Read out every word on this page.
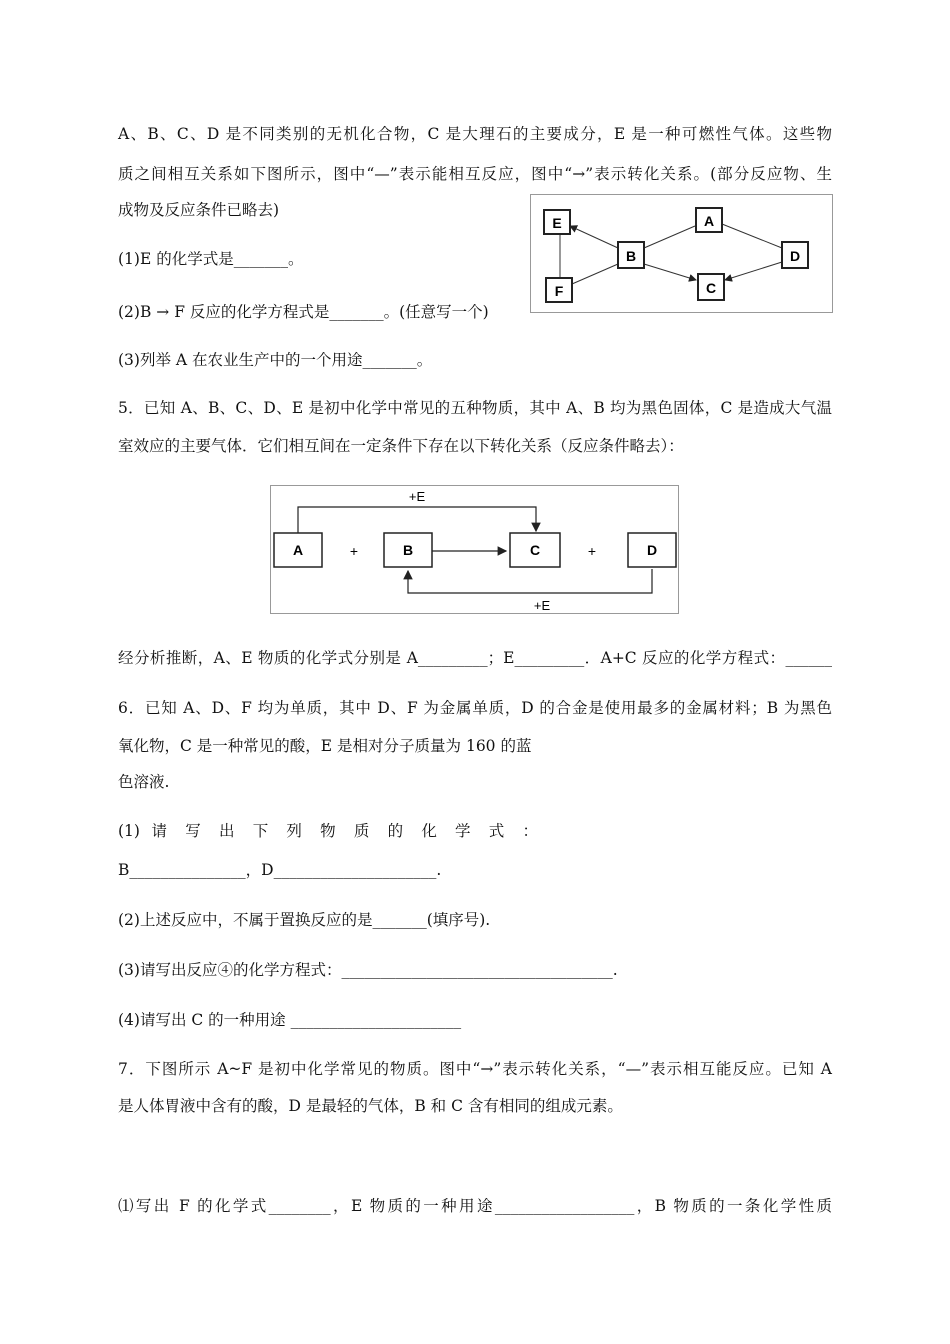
A、B、C、D 是不同类别的无机化合物，C 是大理石的主要成分，E 是一种可燃性气体。这些物
质之间相互关系如下图所示，图中“—”表示能相互反应，图中“→”表示转化关系。(部分反应物、生
成物及反应条件已略去)
(1)E 的化学式是_______。
(2)B → F 反应的化学方程式是_______。(任意写一个)
(3)列举 A 在农业生产中的一个用途_______。
E	A
B	D
F	C
5．已知 A、B、C、D、E 是初中化学中常见的五种物质，其中 A、B 均为黑色固体，C 是造成大气温
室效应的主要气体．它们相互间在一定条件下存在以下转化关系（反应条件略去）：
+E
+E
A	+	B	C	+	D
经分析推断，A、E 物质的化学式分别是 A_________；E_________．A+C 反应的化学方程式：______
6．已知 A、D、F 均为单质，其中 D、F 为金属单质，D 的合金是使用最多的金属材料；B 为黑色
氧化物，C 是一种常见的酸，E 是相对分子质量为 160 的蓝
色溶液.
(1) 请 写 出 下 列 物 质 的 化 学 式 ：
B_______________，D_____________________.
(2)上述反应中，不属于置换反应的是_______(填序号).
(3)请写出反应④的化学方程式：___________________________________.
(4)请写出 C 的一种用途 ______________________
7．下图所示 A~F 是初中化学常见的物质。图中“→”表示转化关系，“—”表示相互能反应。已知 A
是人体胃液中含有的酸，D 是最轻的气体，B 和 C 含有相同的组成元素。
⑴写出 F 的化学式________，E 物质的一种用途__________________，B 物质的一条化学性质
